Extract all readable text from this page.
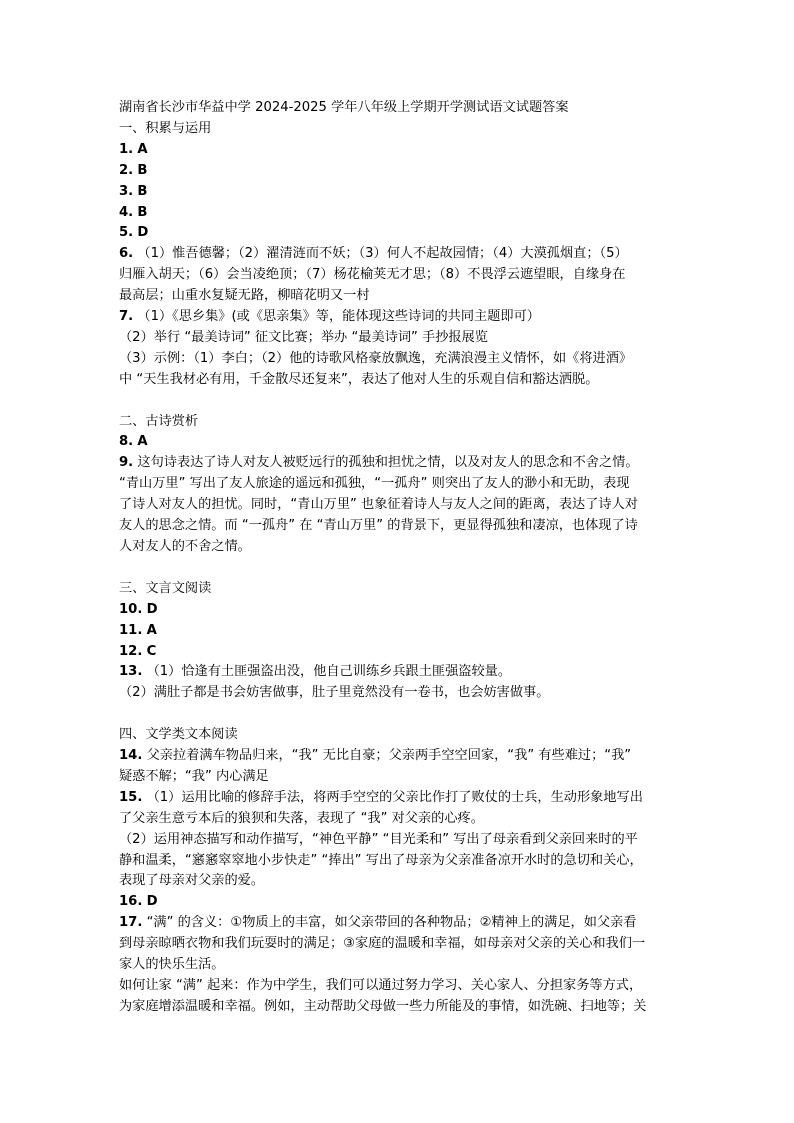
湖南省长沙市华益中学 2024-2025 学年八年级上学期开学测试语文试题答案
一、积累与运用
1. A
2. B
3. B
4. B
5. D
6. （1）惟吾德馨；（2）濯清涟而不妖；（3）何人不起故园情；（4）大漠孤烟直；（5）
归雁入胡天；（6）会当凌绝顶；（7）杨花榆荚无才思；（8）不畏浮云遮望眼，自缘身在
最高层；山重水复疑无路，柳暗花明又一村
7. （1）《思乡集》(或《思亲集》等，能体现这些诗词的共同主题即可）
（2）举行 “最美诗词” 征文比赛；举办 “最美诗词” 手抄报展览
（3）示例：（1）李白；（2）他的诗歌风格豪放飘逸，充满浪漫主义情怀，如《将进酒》
中 “天生我材必有用，千金散尽还复来”，表达了他对人生的乐观自信和豁达洒脱。
二、古诗赏析
8. A
9. 这句诗表达了诗人对友人被贬远行的孤独和担忧之情，以及对友人的思念和不舍之情。
“青山万里” 写出了友人旅途的遥远和孤独，“一孤舟” 则突出了友人的渺小和无助，表现
了诗人对友人的担忧。同时，“青山万里” 也象征着诗人与友人之间的距离，表达了诗人对
友人的思念之情。而 “一孤舟” 在 “青山万里” 的背景下，更显得孤独和凄凉，也体现了诗
人对友人的不舍之情。
三、文言文阅读
10. D
11. A
12. C
13. （1）恰逢有土匪强盗出没，他自己训练乡兵跟土匪强盗较量。
（2）满肚子都是书会妨害做事，肚子里竟然没有一卷书，也会妨害做事。
四、文学类文本阅读
14. 父亲拉着满车物品归来，“我” 无比自豪；父亲两手空空回家，“我” 有些难过；“我”
疑惑不解；“我” 内心满足
15. （1）运用比喻的修辞手法，将两手空空的父亲比作打了败仗的士兵，生动形象地写出
了父亲生意亏本后的狼狈和失落，表现了 “我” 对父亲的心疼。
（2）运用神态描写和动作描写，“神色平静” “目光柔和” 写出了母亲看到父亲回来时的平
静和温柔，“窸窸窣窣地小步快走” “捧出” 写出了母亲为父亲准备凉开水时的急切和关心，
表现了母亲对父亲的爱。
16. D
17. “满” 的含义：①物质上的丰富，如父亲带回的各种物品；②精神上的满足，如父亲看
到母亲晾晒衣物和我们玩耍时的满足；③家庭的温暖和幸福，如母亲对父亲的关心和我们一
家人的快乐生活。
如何让家 “满” 起来：作为中学生，我们可以通过努力学习、关心家人、分担家务等方式，
为家庭增添温暖和幸福。例如，主动帮助父母做一些力所能及的事情，如洗碗、扫地等；关
